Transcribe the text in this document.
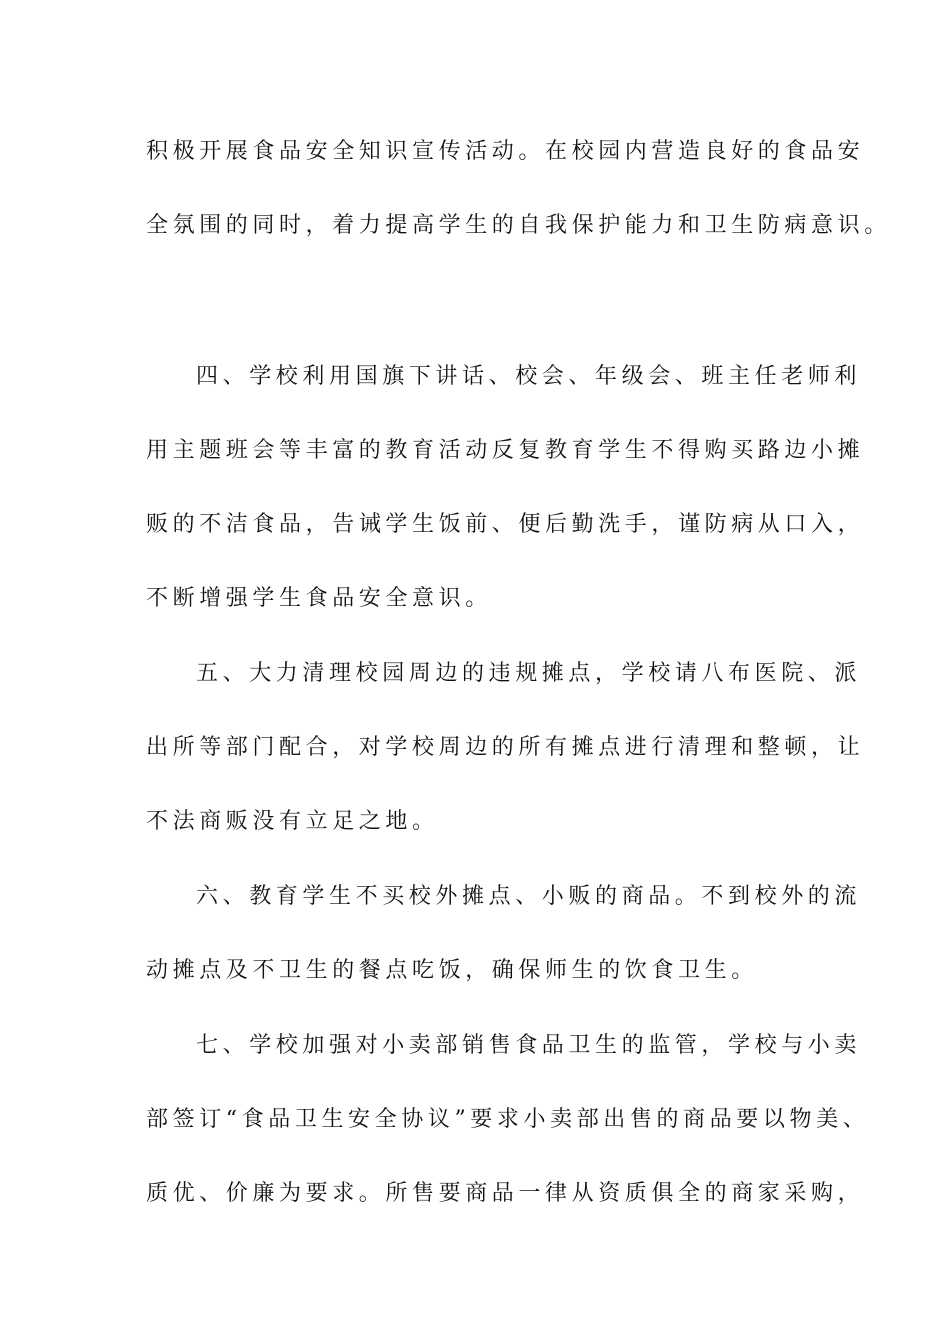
积极开展食品安全知识宣传活动。在校园内营造良好的食品安
全氛围的同时，着力提高学生的自我保护能力和卫生防病意识。
四、学校利用国旗下讲话、校会、年级会、班主任老师利
用主题班会等丰富的教育活动反复教育学生不得购买路边小摊
贩的不洁食品，告诫学生饭前、便后勤洗手，谨防病从口入，
不断增强学生食品安全意识。
五、大力清理校园周边的违规摊点，学校请八布医院、派
出所等部门配合，对学校周边的所有摊点进行清理和整顿，让
不法商贩没有立足之地。
六、教育学生不买校外摊点、小贩的商品。不到校外的流
动摊点及不卫生的餐点吃饭，确保师生的饮食卫生。
七、学校加强对小卖部销售食品卫生的监管，学校与小卖
部签订“食品卫生安全协议”要求小卖部出售的商品要以物美、
质优、价廉为要求。所售要商品一律从资质俱全的商家采购，
